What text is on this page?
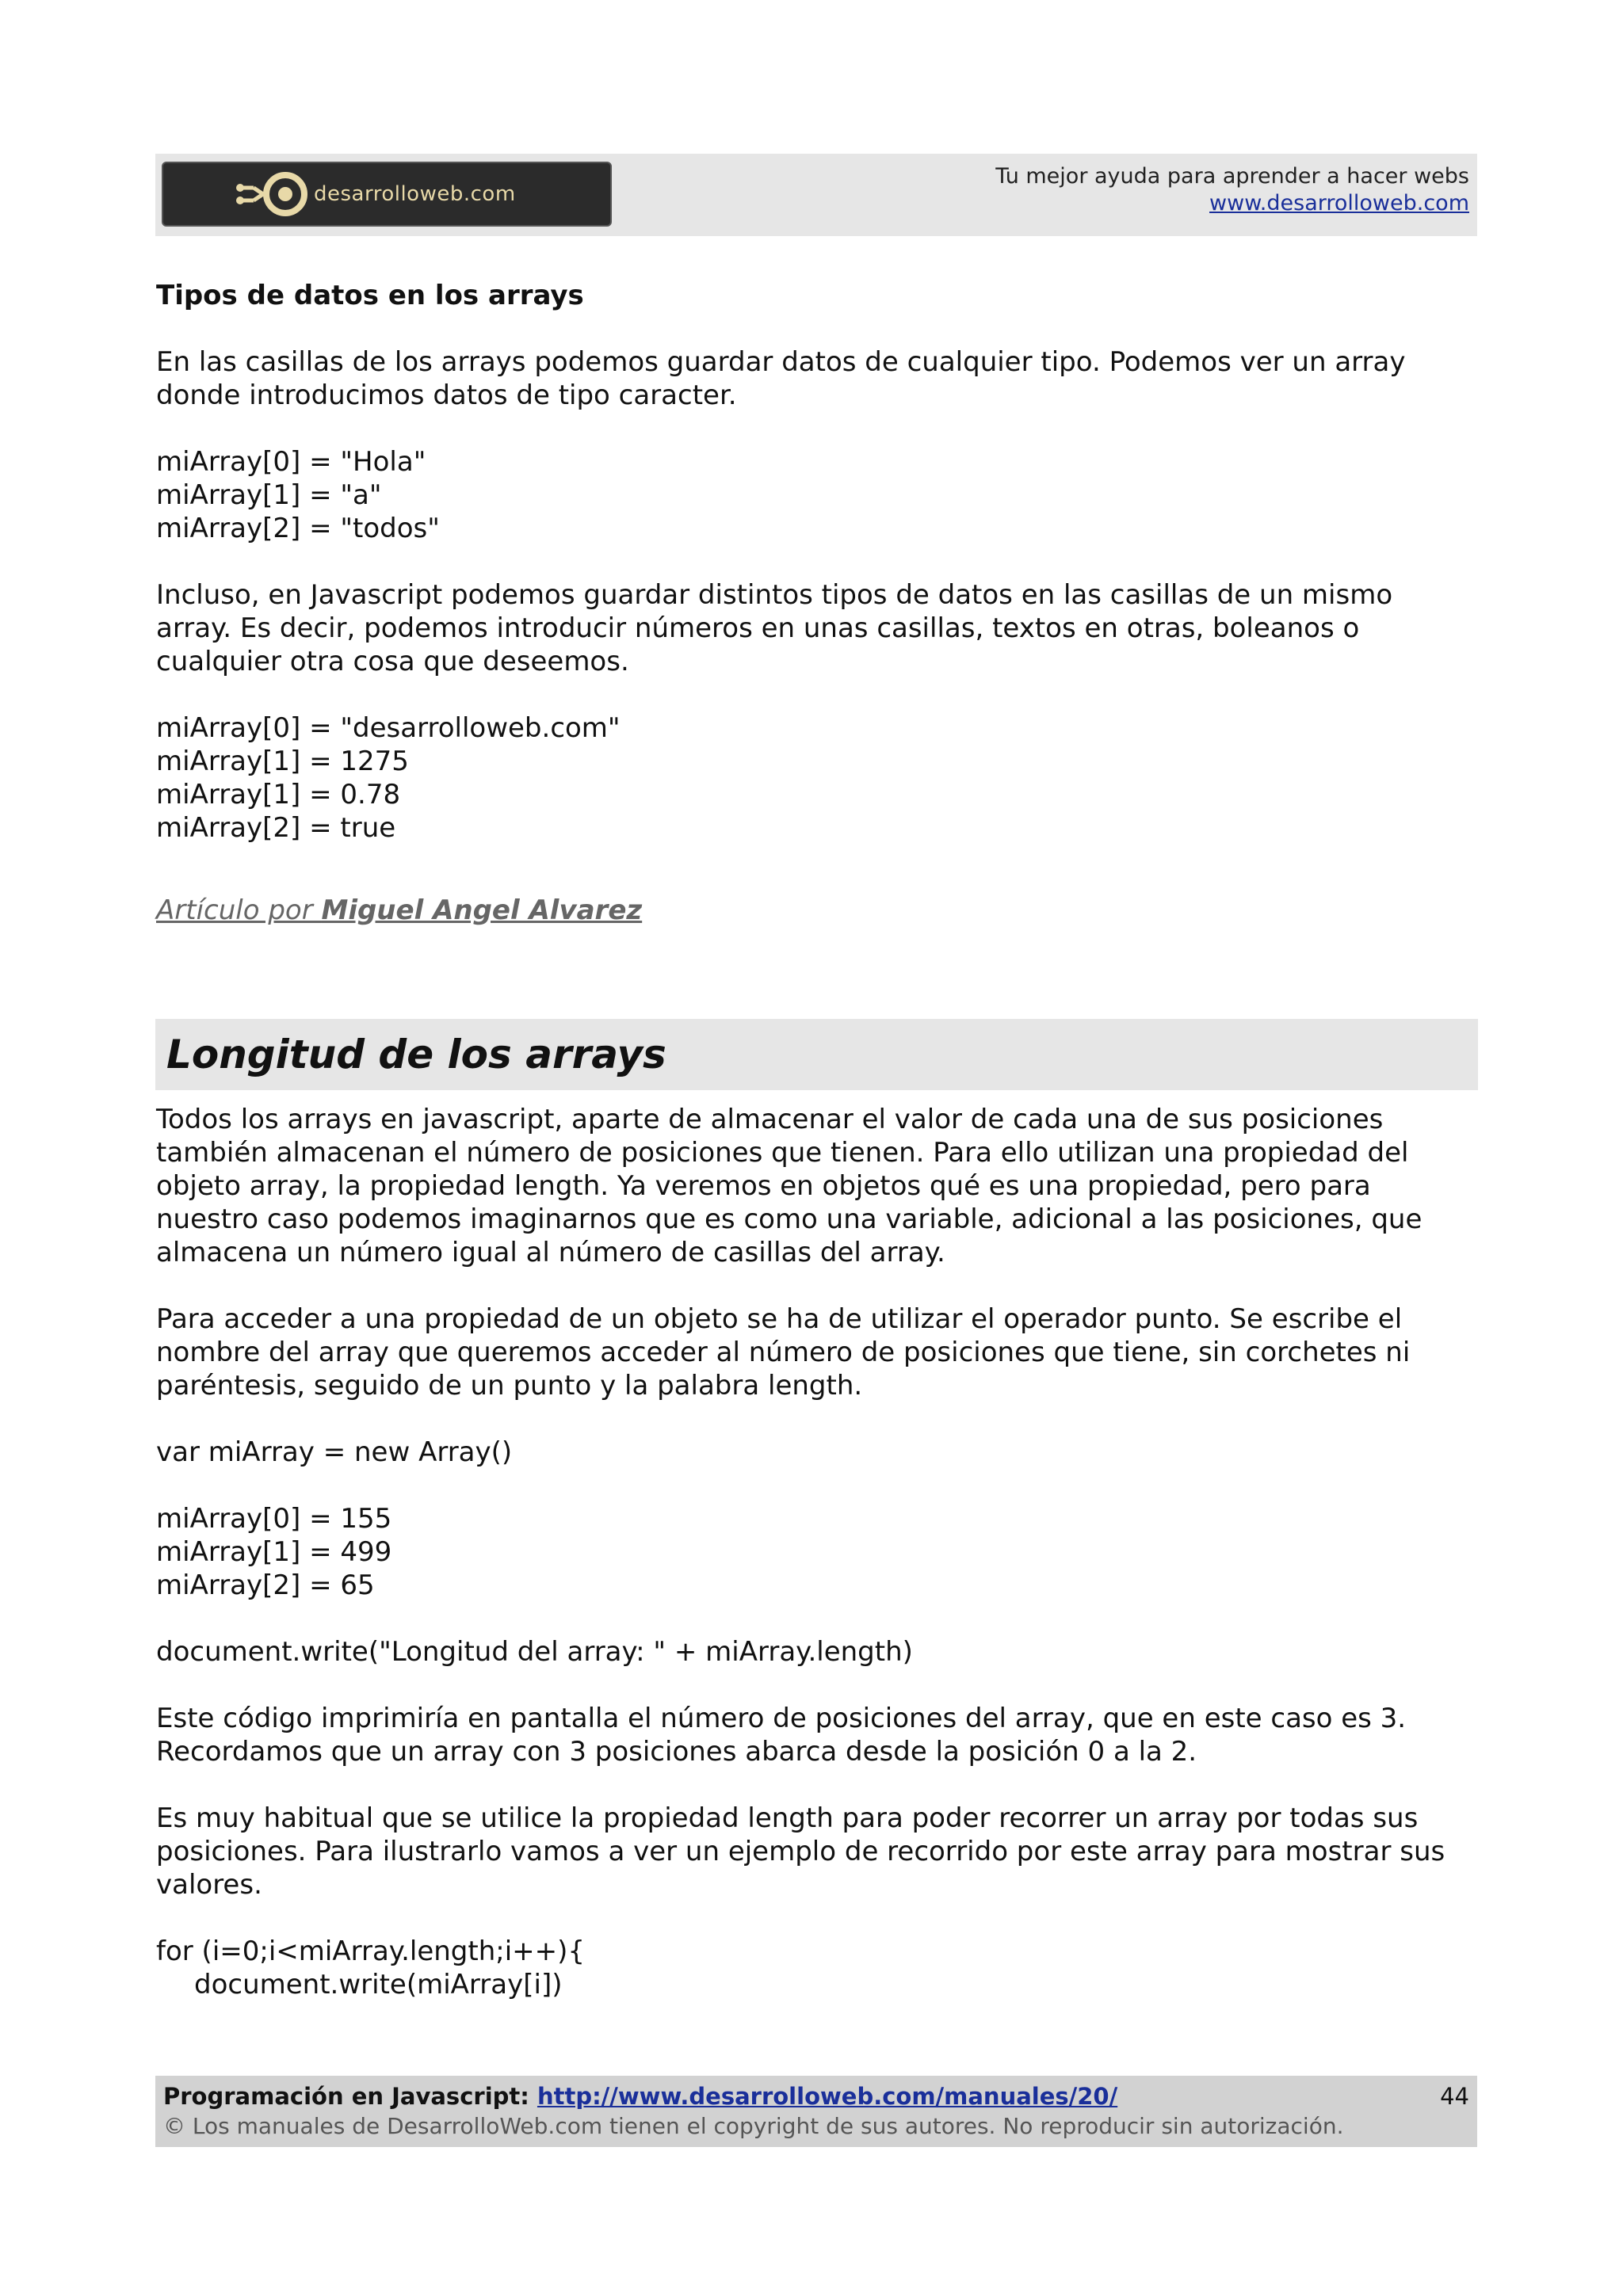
desarrolloweb.com
Tu mejor ayuda para aprender a hacer webs
www.desarrolloweb.com

Tipos de datos en los arrays

En las casillas de los arrays podemos guardar datos de cualquier tipo. Podemos ver un array

donde introducimos datos de tipo caracter.

miArray[0] = "Hola"

miArray[1] = "a"

miArray[2] = "todos"

Incluso, en Javascript podemos guardar distintos tipos de datos en las casillas de un mismo

array. Es decir, podemos introducir números en unas casillas, textos en otras, boleanos o

cualquier otra cosa que deseemos.

miArray[0] = "desarrolloweb.com"

miArray[1] = 1275

miArray[1] = 0.78

miArray[2] = true

Artículo por Miguel Angel Alvarez
Longitud de los arrays

Todos los arrays en javascript, aparte de almacenar el valor de cada una de sus posiciones

también almacenan el número de posiciones que tienen. Para ello utilizan una propiedad del

objeto array, la propiedad length. Ya veremos en objetos qué es una propiedad, pero para

nuestro caso podemos imaginarnos que es como una variable, adicional a las posiciones, que

almacena un número igual al número de casillas del array.

Para acceder a una propiedad de un objeto se ha de utilizar el operador punto. Se escribe el

nombre del array que queremos acceder al número de posiciones que tiene, sin corchetes ni

paréntesis, seguido de un punto y la palabra length.

var miArray = new Array()

miArray[0] = 155

miArray[1] = 499

miArray[2] = 65

document.write("Longitud del array: " + miArray.length)

Este código imprimiría en pantalla el número de posiciones del array, que en este caso es 3.

Recordamos que un array con 3 posiciones abarca desde la posición 0 a la 2.

Es muy habitual que se utilice la propiedad length para poder recorrer un array por todas sus

posiciones. Para ilustrarlo vamos a ver un ejemplo de recorrido por este array para mostrar sus

valores.

for (i=0;i<miArray.length;i++){

document.write(miArray[i])

Programación en Javascript: http://www.desarrolloweb.com/manuales/20/
© Los manuales de DesarrolloWeb.com tienen el copyright de sus autores. No reproducir sin autorización.
44
